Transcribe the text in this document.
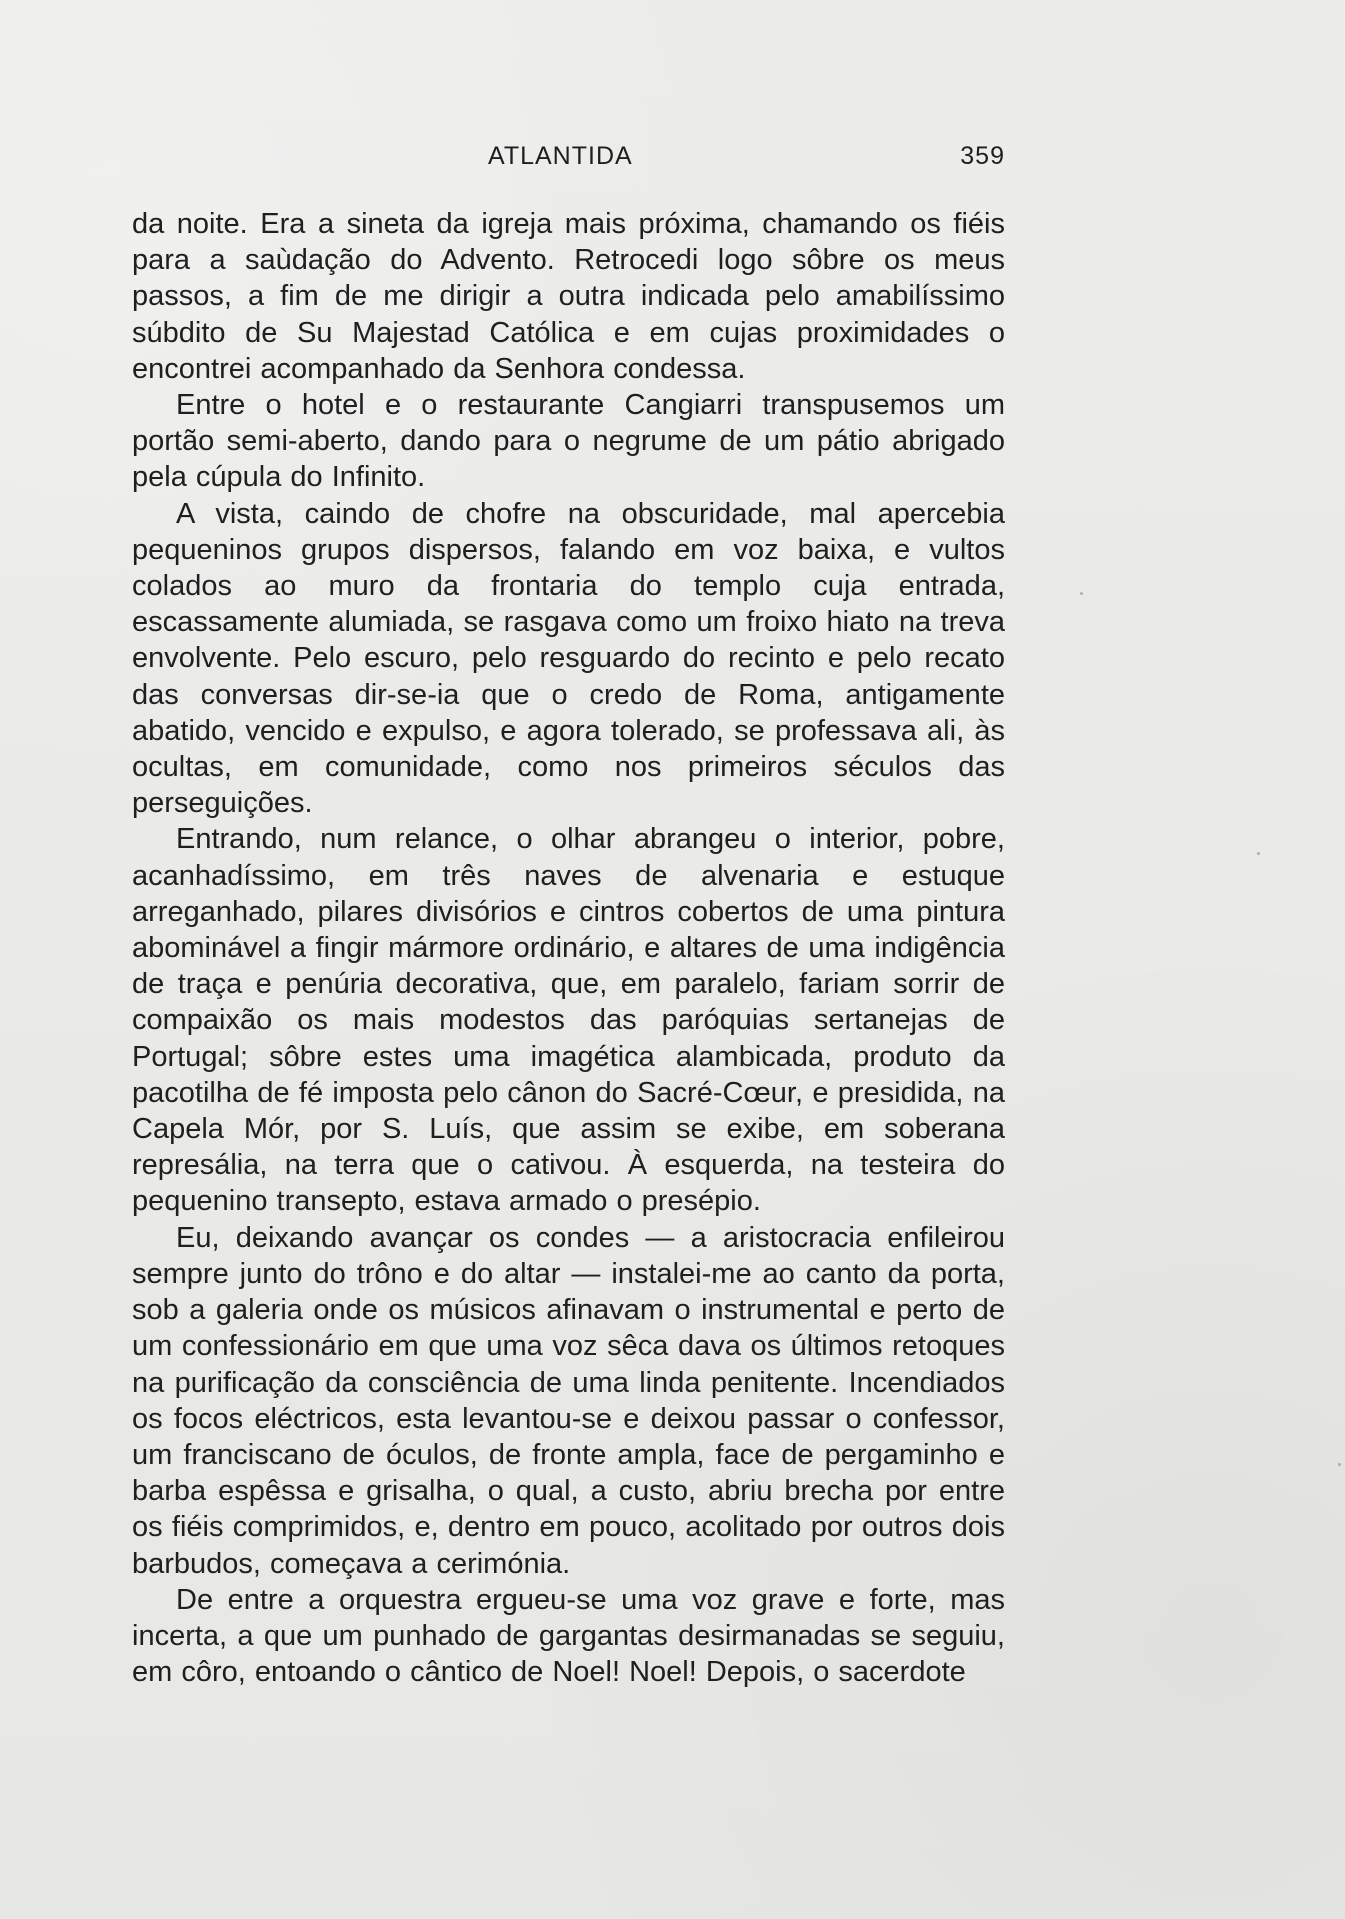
ATLANTIDA	359

da noite. Era a sineta da igreja mais próxima, chamando os fiéis para a saùdação do Advento. Retrocedi logo sôbre os meus passos, a fim de me dirigir a outra indicada pelo amabilíssimo súbdito de Su Majestad Católica e em cujas proximidades o encontrei acompanhado da Senhora condessa.

Entre o hotel e o restaurante Cangiarri transpusemos um portão semi-aberto, dando para o negrume de um pátio abrigado pela cúpula do Infinito.

A vista, caindo de chofre na obscuridade, mal apercebia pequeninos grupos dispersos, falando em voz baixa, e vultos colados ao muro da frontaria do templo cuja entrada, escassamente alumiada, se rasgava como um froixo hiato na treva envolvente. Pelo escuro, pelo resguardo do recinto e pelo recato das conversas dir-se-ia que o credo de Roma, antigamente abatido, vencido e expulso, e agora tolerado, se professava ali, às ocultas, em comunidade, como nos primeiros séculos das perseguições.

Entrando, num relance, o olhar abrangeu o interior, pobre, acanhadíssimo, em três naves de alvenaria e estuque arreganhado, pilares divisórios e cintros cobertos de uma pintura abominável a fingir mármore ordinário, e altares de uma indigência de traça e penúria decorativa, que, em paralelo, fariam sorrir de compaixão os mais modestos das paróquias sertanejas de Portugal; sôbre estes uma imagética alambicada, produto da pacotilha de fé imposta pelo cânon do Sacré-Cœur, e presidida, na Capela Mór, por S. Luís, que assim se exibe, em soberana represália, na terra que o cativou. À esquerda, na testeira do pequenino transepto, estava armado o presépio.

Eu, deixando avançar os condes — a aristocracia enfileirou sempre junto do trôno e do altar — instalei-me ao canto da porta, sob a galeria onde os músicos afinavam o instrumental e perto de um confessionário em que uma voz sêca dava os últimos retoques na purificação da consciência de uma linda penitente. Incendiados os focos eléctricos, esta levantou-se e deixou passar o confessor, um franciscano de óculos, de fronte ampla, face de pergaminho e barba espêssa e grisalha, o qual, a custo, abriu brecha por entre os fiéis comprimidos, e, dentro em pouco, acolitado por outros dois barbudos, começava a cerimónia.

De entre a orquestra ergueu-se uma voz grave e forte, mas incerta, a que um punhado de gargantas desirmanadas se seguiu, em côro, entoando o cântico de Noel! Noel! Depois, o sacerdote
